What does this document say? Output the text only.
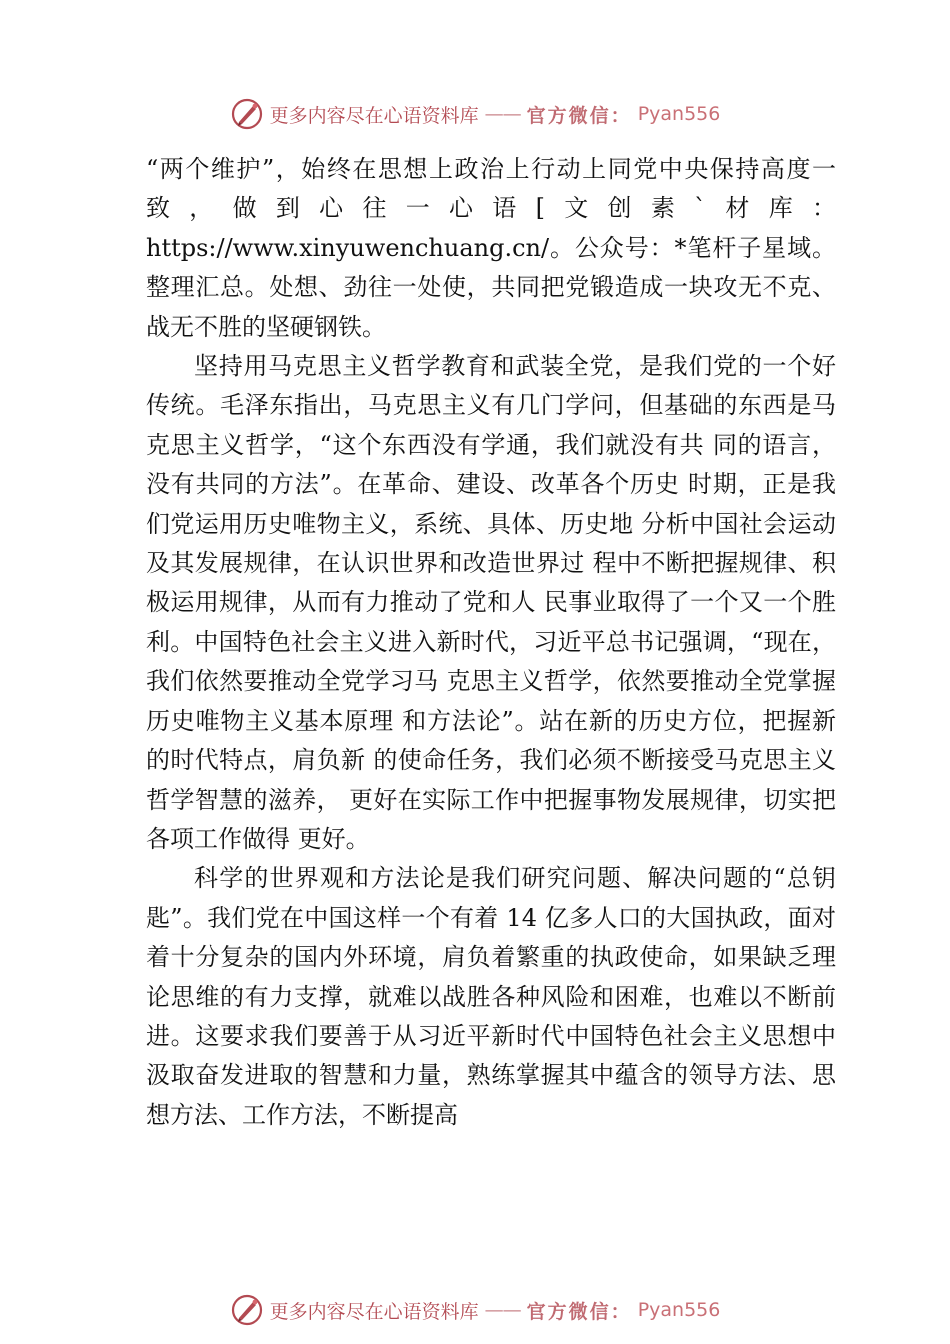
更多内容尽在心语资料库 —— 官方微信： Pyan556

“两个维护”，始终在思想上政治上行动上同党中央保持高度一致，做到心往一心语[文创素`材库：https://www.xinyuwenchuang.cn/。公众号：*笔杆子星域。整理汇总。处想、劲往一处使，共同把党锻造成一块攻无不克、战无不胜的坚硬钢铁。

坚持用马克思主义哲学教育和武装全党，是我们党的一个好传统。毛泽东指出，马克思主义有几门学问，但基础的东西是马克思主义哲学，“这个东西没有学通，我们就没有共 同的语言，没有共同的方法”。在革命、建设、改革各个历史 时期，正是我们党运用历史唯物主义，系统、具体、历史地 分析中国社会运动及其发展规律，在认识世界和改造世界过 程中不断把握规律、积极运用规律，从而有力推动了党和人 民事业取得了一个又一个胜利。中国特色社会主义进入新时代，习近平总书记强调，“现在，我们依然要推动全党学习马 克思主义哲学，依然要推动全党掌握历史唯物主义基本原理 和方法论”。站在新的历史方位，把握新的时代特点，肩负新 的使命任务，我们必须不断接受马克思主义哲学智慧的滋养， 更好在实际工作中把握事物发展规律，切实把各项工作做得 更好。

科学的世界观和方法论是我们研究问题、解决问题的“总钥匙”。我们党在中国这样一个有着 14 亿多人口的大国执政，面对着十分复杂的国内外环境，肩负着繁重的执政使命，如果缺乏理论思维的有力支撑，就难以战胜各种风险和困难，也难以不断前进。这要求我们要善于从习近平新时代中国特色社会主义思想中汲取奋发进取的智慧和力量，熟练掌握其中蕴含的领导方法、思想方法、工作方法，不断提高

更多内容尽在心语资料库 —— 官方微信： Pyan556
